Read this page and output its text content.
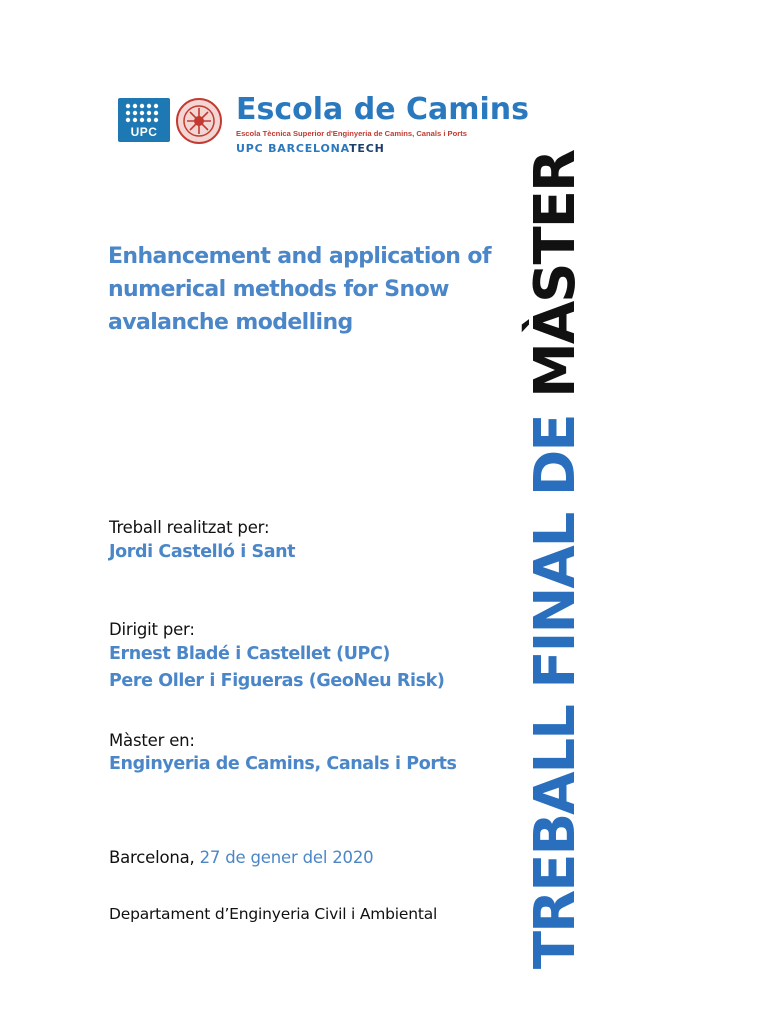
UPC
Escola de Camins
Escola Tècnica Superior d'Enginyeria de Camins, Canals i Ports
UPC BARCELONATECH
Enhancement and application of numerical methods for Snow avalanche modelling
Treball realitzat per:
Jordi Castelló i Sant
Dirigit per:
Ernest Bladé i Castellet (UPC)
Pere Oller i Figueras (GeoNeu Risk)
Màster en:
Enginyeria de Camins, Canals i Ports
Barcelona, 27 de gener del 2020
Departament d’Enginyeria Civil i Ambiental TREBALL FINAL DE
MÀSTER
